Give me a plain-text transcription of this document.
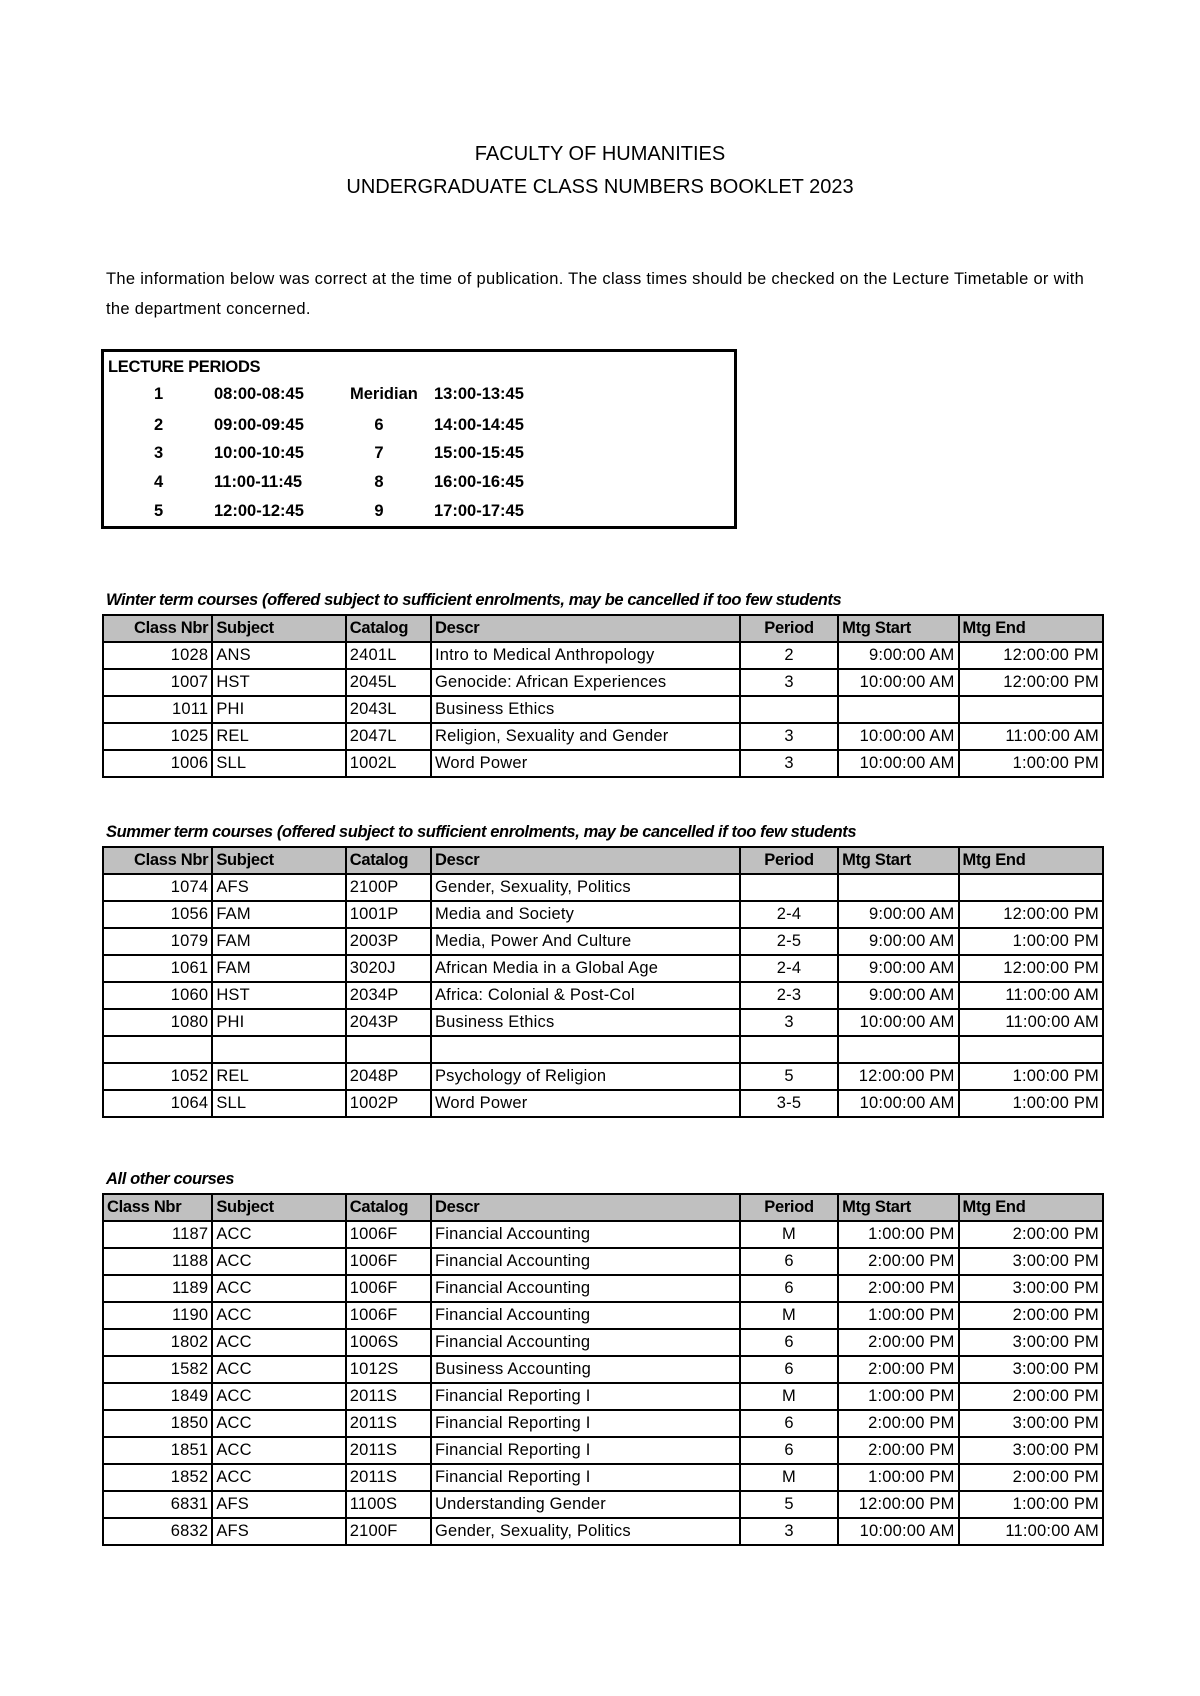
FACULTY OF HUMANITIES
UNDERGRADUATE CLASS NUMBERS BOOKLET 2023
The information below was correct at the time of publication. The class times should be checked on the Lecture Timetable or with the department concerned.
LECTURE PERIODS
1	08:00-08:45	Meridian 13:00-13:45
2	09:00-09:45	6	14:00-14:45
3	10:00-10:45	7	15:00-15:45
4	11:00-11:45	8	16:00-16:45
5	12:00-12:45	9	17:00-17:45
Winter term courses (offered subject to sufficient enrolments, may be cancelled if too few students
Class Nbr	Subject	Catalog	Descr	Period	Mtg Start	Mtg End
1028	ANS	2401L	Intro to Medical Anthropology	2	9:00:00 AM	12:00:00 PM
1007	HST	2045L	Genocide: African Experiences	3	10:00:00 AM	12:00:00 PM
1011	PHI	2043L	Business Ethics			
1025	REL	2047L	Religion, Sexuality and Gender	3	10:00:00 AM	11:00:00 AM
1006	SLL	1002L	Word Power	3	10:00:00 AM	1:00:00 PM
Summer term courses (offered subject to sufficient enrolments, may be cancelled if too few students
Class Nbr	Subject	Catalog	Descr	Period	Mtg Start	Mtg End
1074	AFS	2100P	Gender, Sexuality, Politics			
1056	FAM	1001P	Media and Society	2-4	9:00:00 AM	12:00:00 PM
1079	FAM	2003P	Media, Power And Culture	2-5	9:00:00 AM	1:00:00 PM
1061	FAM	3020J	African Media in a Global Age	2-4	9:00:00 AM	12:00:00 PM
1060	HST	2034P	Africa: Colonial & Post-Col	2-3	9:00:00 AM	11:00:00 AM
1080	PHI	2043P	Business Ethics	3	10:00:00 AM	11:00:00 AM

1052	REL	2048P	Psychology of Religion	5	12:00:00 PM	1:00:00 PM
1064	SLL	1002P	Word Power	3-5	10:00:00 AM	1:00:00 PM
All other courses
Class Nbr	Subject	Catalog	Descr	Period	Mtg Start	Mtg End
1187	ACC	1006F	Financial Accounting	M	1:00:00 PM	2:00:00 PM
1188	ACC	1006F	Financial Accounting	6	2:00:00 PM	3:00:00 PM
1189	ACC	1006F	Financial Accounting	6	2:00:00 PM	3:00:00 PM
1190	ACC	1006F	Financial Accounting	M	1:00:00 PM	2:00:00 PM
1802	ACC	1006S	Financial Accounting	6	2:00:00 PM	3:00:00 PM
1582	ACC	1012S	Business Accounting	6	2:00:00 PM	3:00:00 PM
1849	ACC	2011S	Financial Reporting I	M	1:00:00 PM	2:00:00 PM
1850	ACC	2011S	Financial Reporting I	6	2:00:00 PM	3:00:00 PM
1851	ACC	2011S	Financial Reporting I	6	2:00:00 PM	3:00:00 PM
1852	ACC	2011S	Financial Reporting I	M	1:00:00 PM	2:00:00 PM
6831	AFS	1100S	Understanding Gender	5	12:00:00 PM	1:00:00 PM
6832	AFS	2100F	Gender, Sexuality, Politics	3	10:00:00 AM	11:00:00 AM
